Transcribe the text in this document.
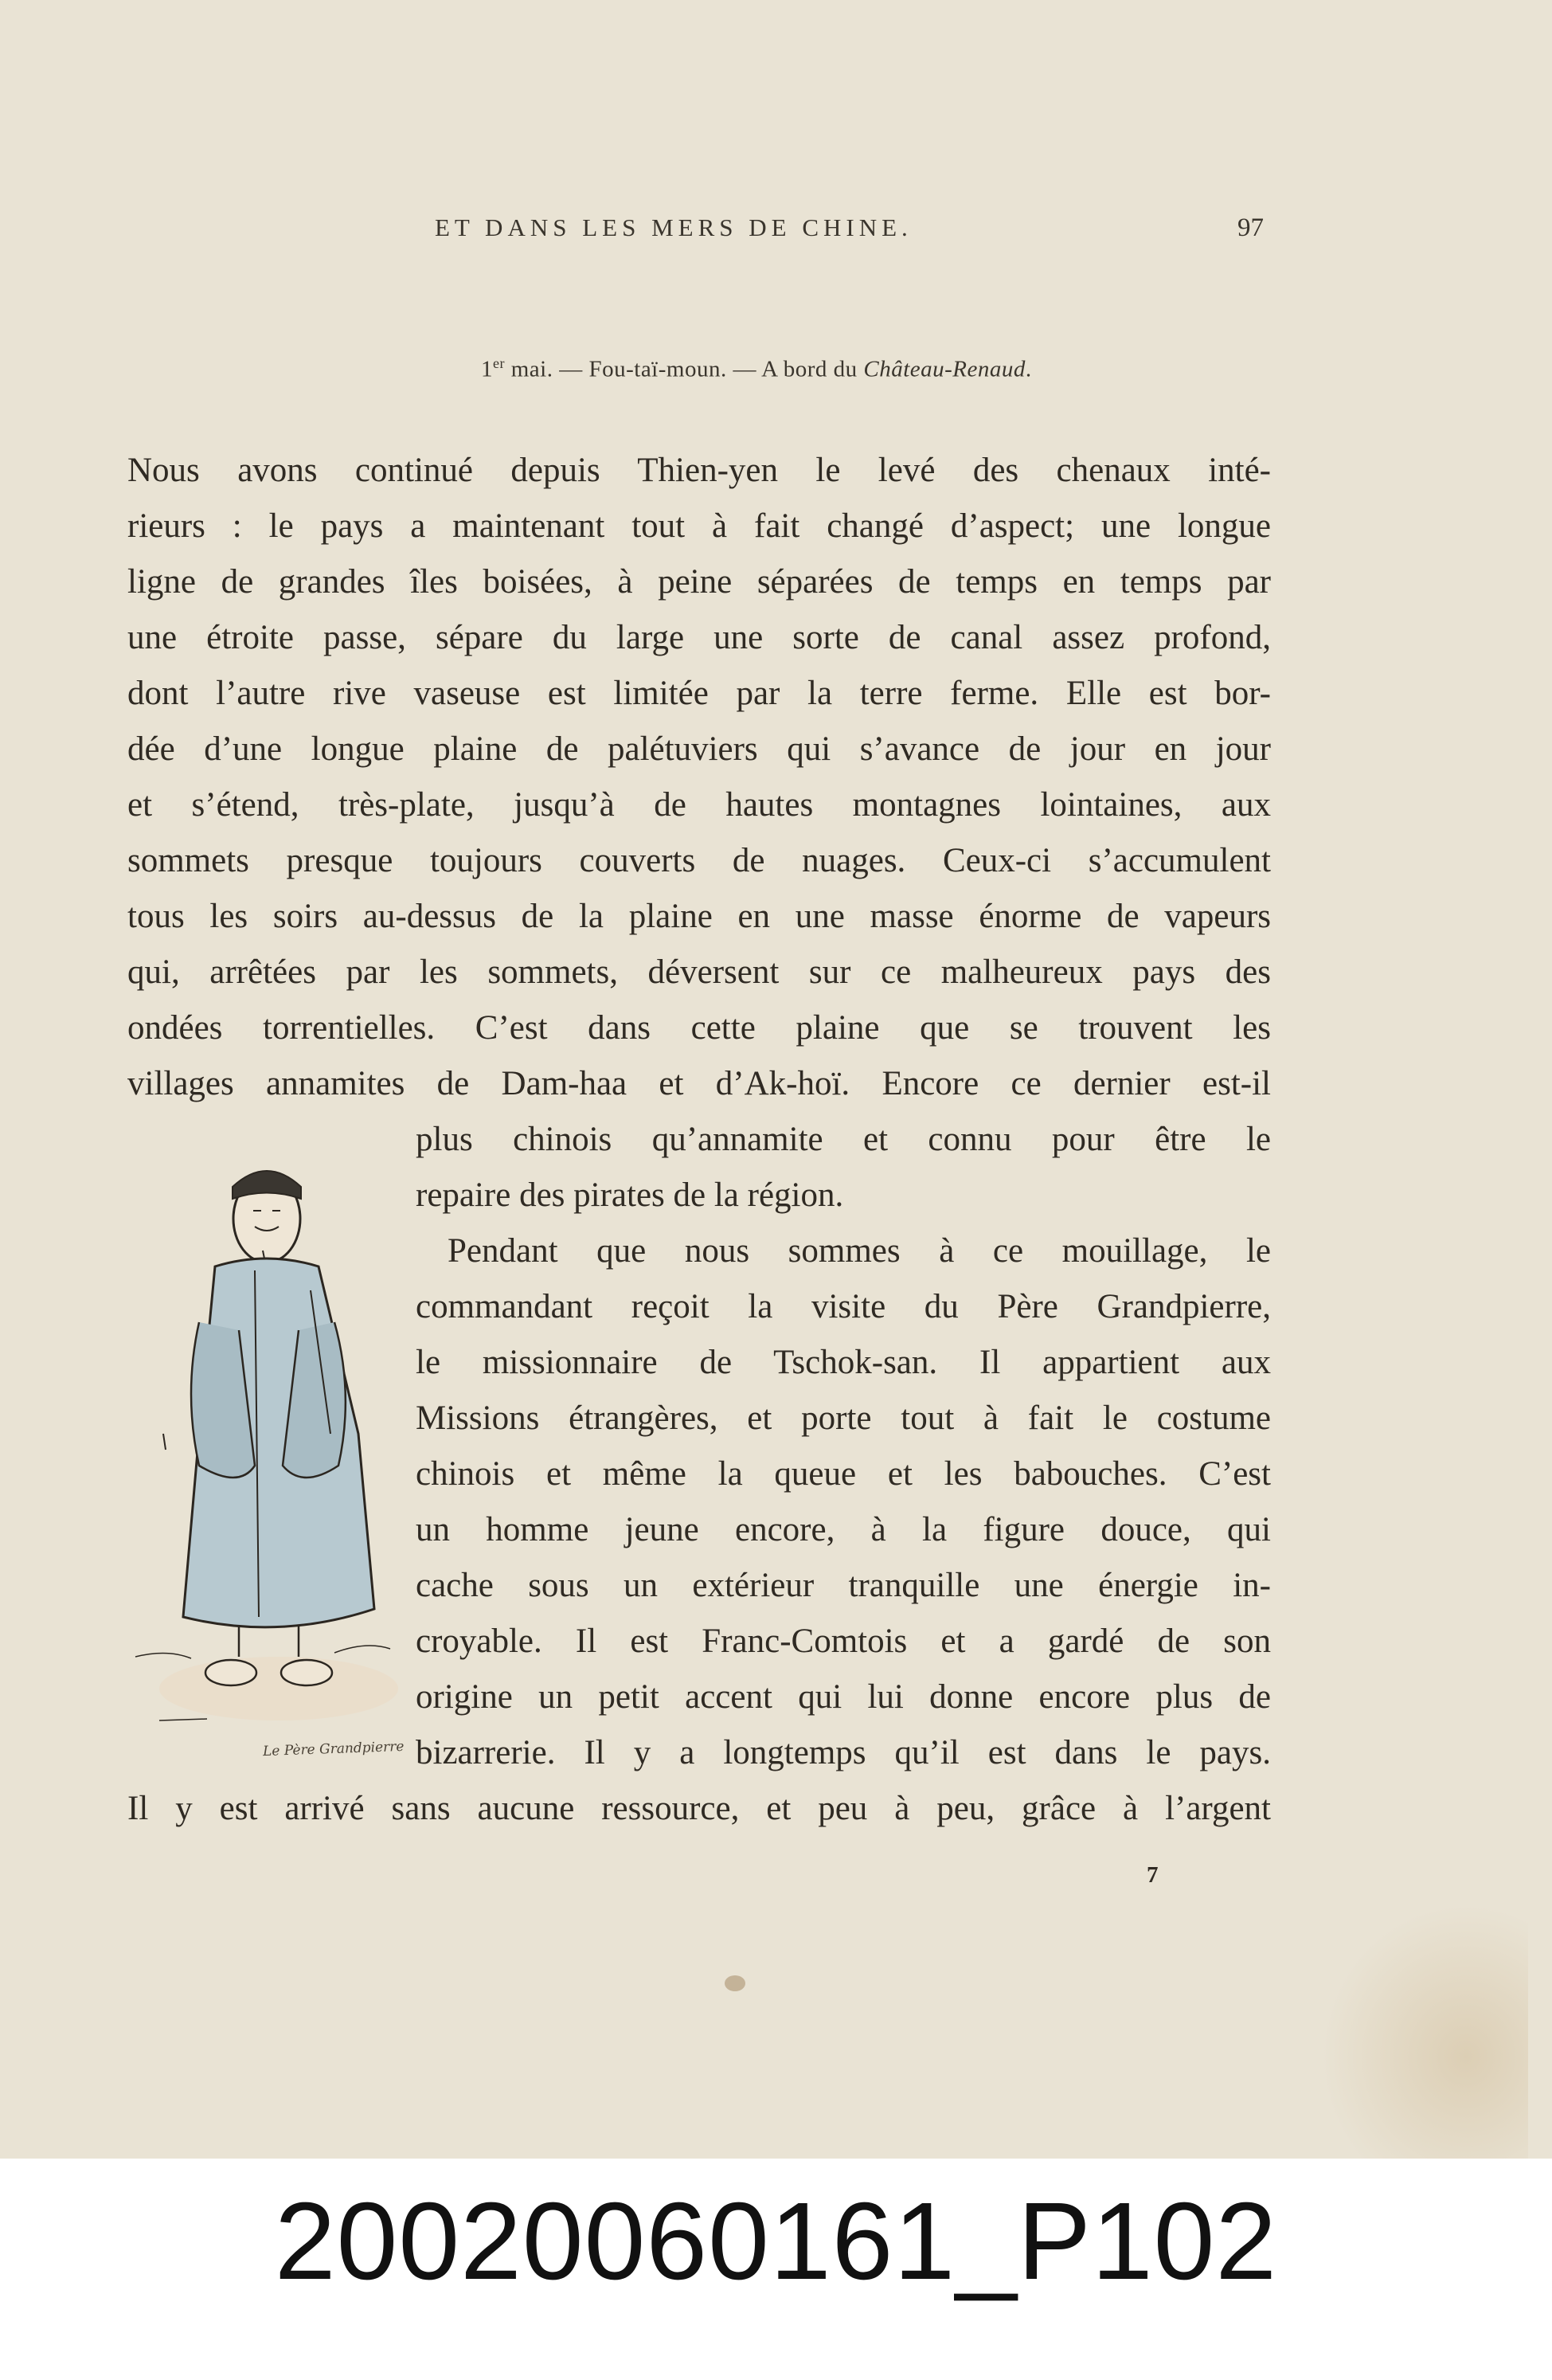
ET DANS LES MERS DE CHINE.	97
1er mai. — Fou-taï-moun. — A bord du Château-Renaud.
Nous avons continué depuis Thien-yen le levé des chenaux inté-
rieurs : le pays a maintenant tout à fait changé d’aspect; une longue
ligne de grandes îles boisées, à peine séparées de temps en temps par
une étroite passe, sépare du large une sorte de canal assez profond,
dont l’autre rive vaseuse est limitée par la terre ferme. Elle est bor-
dée d’une longue plaine de palétuviers qui s’avance de jour en jour
et s’étend, très-plate, jusqu’à de hautes montagnes lointaines, aux
sommets presque toujours couverts de nuages. Ceux-ci s’accumulent
tous les soirs au-dessus de la plaine en une masse énorme de vapeurs
qui, arrêtées par les sommets, déversent sur ce malheureux pays des
ondées torrentielles. C’est dans cette plaine que se trouvent les
villages annamites de Dam-haa et d’Ak-hoï. Encore ce dernier est-il
plus chinois qu’annamite et connu pour être le
repaire des pirates de la région.
Pendant que nous sommes à ce mouillage, le
commandant reçoit la visite du Père Grandpierre,
le missionnaire de Tschok-san. Il appartient aux
Missions étrangères, et porte tout à fait le costume
chinois et même la queue et les babouches. C’est
un homme jeune encore, à la figure douce, qui
cache sous un extérieur tranquille une énergie in-
croyable. Il est Franc-Comtois et a gardé de son
origine un petit accent qui lui donne encore plus de
bizarrerie. Il y a longtemps qu’il est dans le pays.
Il y est arrivé sans aucune ressource, et peu à peu, grâce à l’argent
Le Père Grandpierre
7
20020060161_P102
